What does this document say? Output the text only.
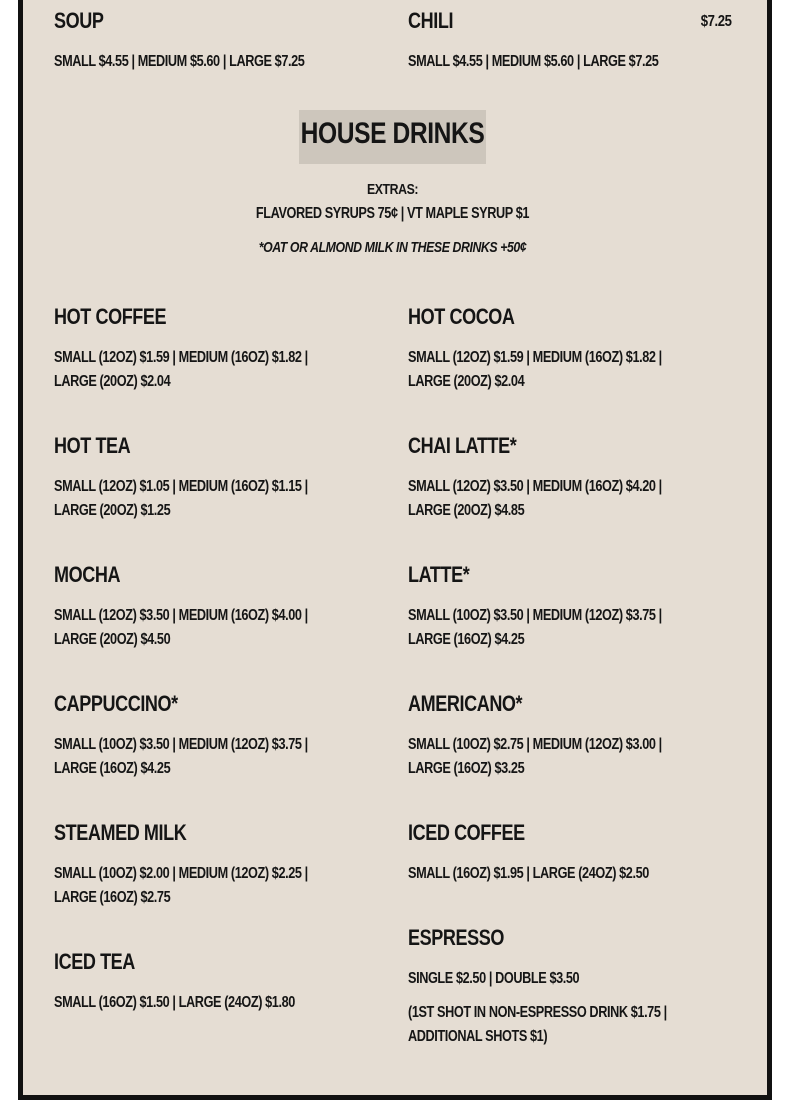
SOUP
SMALL $4.55 | MEDIUM $5.60 | LARGE $7.25
CHILI	$7.25
SMALL $4.55 | MEDIUM $5.60 | LARGE $7.25
HOUSE DRINKS
EXTRAS:
FLAVORED SYRUPS 75¢ | VT MAPLE SYRUP $1
*OAT OR ALMOND MILK IN THESE DRINKS +50¢
HOT COFFEE
SMALL (12OZ) $1.59 | MEDIUM (16OZ) $1.82 |
LARGE (20OZ) $2.04
HOT TEA
SMALL (12OZ) $1.05 | MEDIUM (16OZ) $1.15 |
LARGE (20OZ) $1.25
MOCHA
SMALL (12OZ) $3.50 | MEDIUM (16OZ) $4.00 |
LARGE (20OZ) $4.50
CAPPUCCINO*
SMALL (10OZ) $3.50 | MEDIUM (12OZ) $3.75 |
LARGE (16OZ) $4.25
STEAMED MILK
SMALL (10OZ) $2.00 | MEDIUM (12OZ) $2.25 |
LARGE (16OZ) $2.75
ICED TEA
SMALL (16OZ) $1.50 | LARGE (24OZ) $1.80
HOT COCOA
SMALL (12OZ) $1.59 | MEDIUM (16OZ) $1.82 |
LARGE (20OZ) $2.04
CHAI LATTE*
SMALL (12OZ) $3.50 | MEDIUM (16OZ) $4.20 |
LARGE (20OZ) $4.85
LATTE*
SMALL (10OZ) $3.50 | MEDIUM (12OZ) $3.75 |
LARGE (16OZ) $4.25
AMERICANO*
SMALL (10OZ) $2.75 | MEDIUM (12OZ) $3.00 |
LARGE (16OZ) $3.25
ICED COFFEE
SMALL (16OZ) $1.95 | LARGE (24OZ) $2.50
ESPRESSO
SINGLE $2.50 | DOUBLE $3.50
(1ST SHOT IN NON-ESPRESSO DRINK $1.75 |
ADDITIONAL SHOTS $1)
